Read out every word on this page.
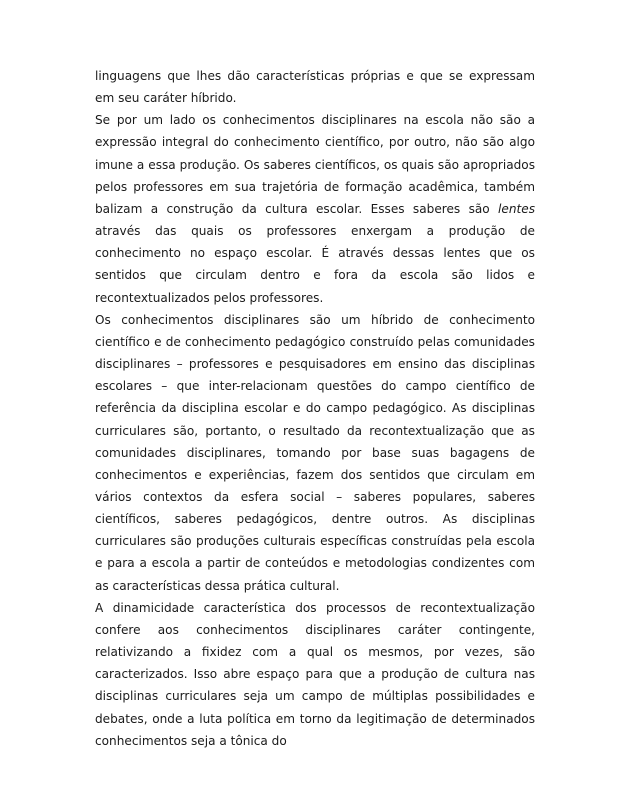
linguagens que lhes dão características próprias e que se expressam em seu caráter híbrido.

Se por um lado os conhecimentos disciplinares na escola não são a expressão integral do conhecimento científico, por outro, não são algo imune a essa produção. Os saberes científicos, os quais são apropriados pelos professores em sua trajetória de formação acadêmica, também balizam a construção da cultura escolar. Esses saberes são lentes através das quais os professores enxergam a produção de conhecimento no espaço escolar. É através dessas lentes que os sentidos que circulam dentro e fora da escola são lidos e recontextualizados pelos professores.

Os conhecimentos disciplinares são um híbrido de conhecimento científico e de conhecimento pedagógico construído pelas comunidades disciplinares – professores e pesquisadores em ensino das disciplinas escolares – que inter-relacionam questões do campo científico de referência da disciplina escolar e do campo pedagógico. As disciplinas curriculares são, portanto, o resultado da recontextualização que as comunidades disciplinares, tomando por base suas bagagens de conhecimentos e experiências, fazem dos sentidos que circulam em vários contextos da esfera social – saberes populares, saberes científicos, saberes pedagógicos, dentre outros. As disciplinas curriculares são produções culturais específicas construídas pela escola e para a escola a partir de conteúdos e metodologias condizentes com as características dessa prática cultural.

A dinamicidade característica dos processos de recontextualização confere aos conhecimentos disciplinares caráter contingente, relativizando a fixidez com a qual os mesmos, por vezes, são caracterizados. Isso abre espaço para que a produção de cultura nas disciplinas curriculares seja um campo de múltiplas possibilidades e debates, onde a luta política em torno da legitimação de determinados conhecimentos seja a tônica do
